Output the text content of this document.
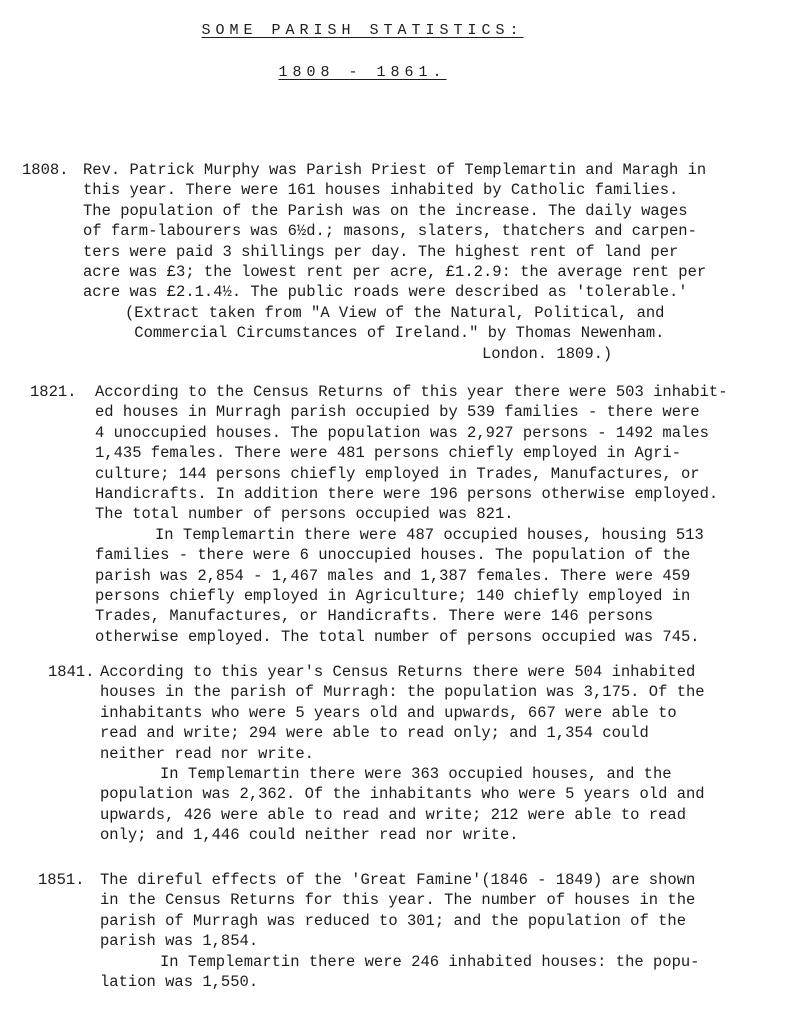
SOME PARISH STATISTICS:
1808 - 1861.
1808. Rev. Patrick Murphy was Parish Priest of Templemartin and Maragh in
this year. There were 161 houses inhabited by Catholic families.
The population of the Parish was on the increase. The daily wages
of farm-labourers was 6½d.; masons, slaters, thatchers and carpen-
ters were paid 3 shillings per day. The highest rent of land per
acre was £3; the lowest rent per acre, £1.2.9: the average rent per
acre was £2.1.4½. The public roads were described as 'tolerable.'
(Extract taken from "A View of the Natural, Political, and
Commercial Circumstances of Ireland." by Thomas Newenham.
London. 1809.)
1821. According to the Census Returns of this year there were 503 inhabit-
ed houses in Murragh parish occupied by 539 families - there were
4 unoccupied houses. The population was 2,927 persons - 1492 males
1,435 females. There were 481 persons chiefly employed in Agri-
culture; 144 persons chiefly employed in Trades, Manufactures, or
Handicrafts. In addition there were 196 persons otherwise employed.
The total number of persons occupied was 821.
In Templemartin there were 487 occupied houses, housing 513
families - there were 6 unoccupied houses. The population of the
parish was 2,854 - 1,467 males and 1,387 females. There were 459
persons chiefly employed in Agriculture; 140 chiefly employed in
Trades, Manufactures, or Handicrafts. There were 146 persons
otherwise employed. The total number of persons occupied was 745.
1841. According to this year's Census Returns there were 504 inhabited
houses in the parish of Murragh: the population was 3,175. Of the
inhabitants who were 5 years old and upwards, 667 were able to
read and write; 294 were able to read only; and 1,354 could
neither read nor write.
In Templemartin there were 363 occupied houses, and the
population was 2,362. Of the inhabitants who were 5 years old and
upwards, 426 were able to read and write; 212 were able to read
only; and 1,446 could neither read nor write.
1851. The direful effects of the 'Great Famine'(1846 - 1849) are shown
in the Census Returns for this year. The number of houses in the
parish of Murragh was reduced to 301; and the population of the
parish was 1,854.
In Templemartin there were 246 inhabited houses: the popu-
lation was 1,550.
